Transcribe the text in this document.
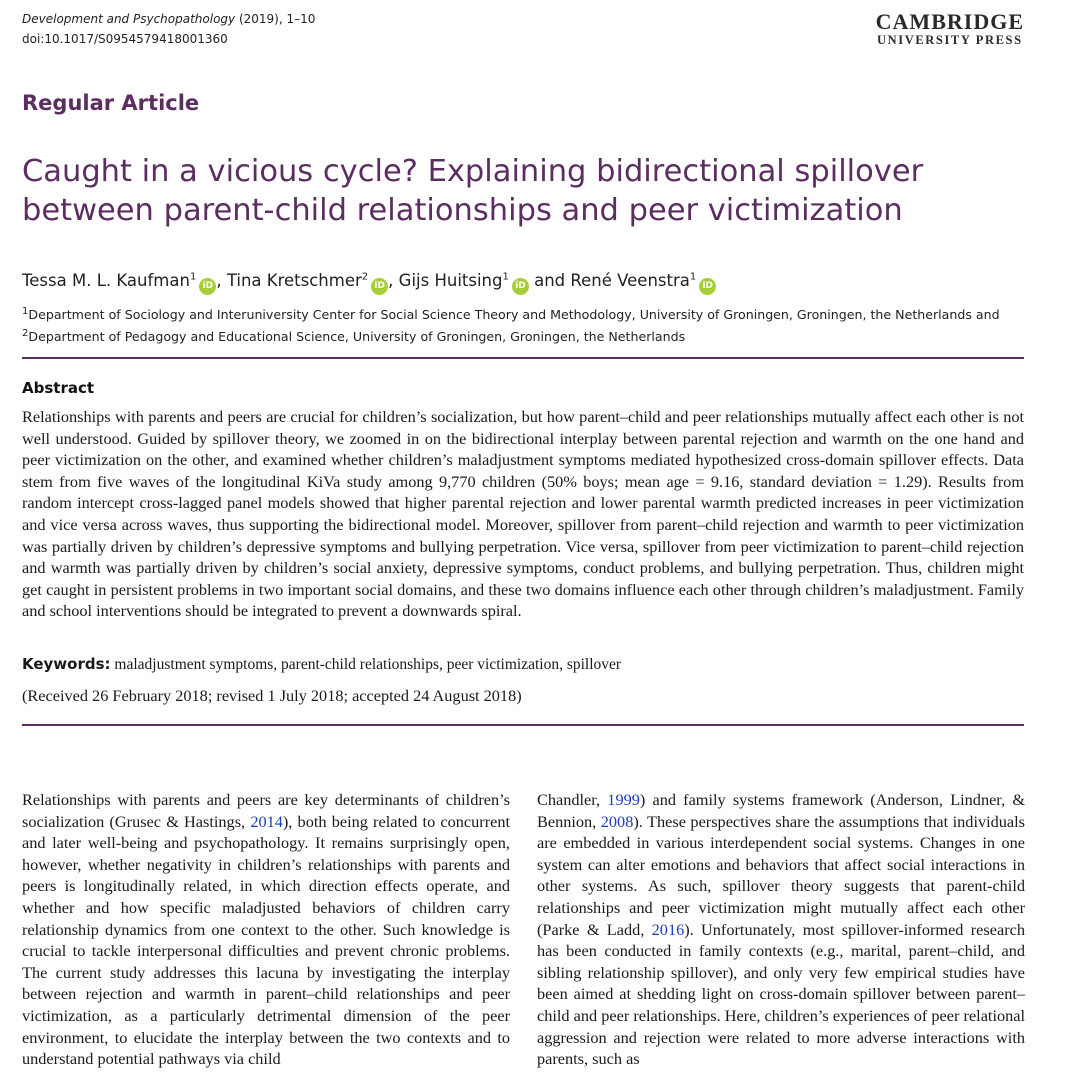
Development and Psychopathology (2019), 1–10
doi:10.1017/S0954579418001360
CAMBRIDGE
UNIVERSITY PRESS
Regular Article
Caught in a vicious cycle? Explaining bidirectional spillover between parent-child relationships and peer victimization
Tessa M. L. Kaufman$^1$iD , Tina Kretschmer$^2$iD , Gijs Huitsing$^1$iD and René Veenstra$^1$iD
$^1$Department of Sociology and Interuniversity Center for Social Science Theory and Methodology, University of Groningen, Groningen, the Netherlands and
$^2$Department of Pedagogy and Educational Science, University of Groningen, Groningen, the Netherlands
Abstract
Relationships with parents and peers are crucial for children’s socialization, but how parent–child and peer relationships mutually affect each other is not well understood. Guided by spillover theory, we zoomed in on the bidirectional interplay between parental rejection and warmth on the one hand and peer victimization on the other, and examined whether children’s maladjustment symptoms mediated hypothesized cross-domain spillover effects. Data stem from five waves of the longitudinal KiVa study among 9,770 children (50% boys; mean age = 9.16, standard deviation = 1.29). Results from random intercept cross-lagged panel models showed that higher parental rejection and lower parental warmth predicted increases in peer victimization and vice versa across waves, thus supporting the bidirectional model. Moreover, spillover from parent–child rejection and warmth to peer victimization was partially driven by children’s depressive symptoms and bullying perpetration. Vice versa, spillover from peer victimization to parent–child rejection and warmth was partially driven by children’s social anxiety, depressive symptoms, conduct problems, and bullying perpetration. Thus, children might get caught in persistent problems in two important social domains, and these two domains influence each other through children’s maladjustment. Family and school interventions should be integrated to prevent a downwards spiral.
Keywords: maladjustment symptoms, parent-child relationships, peer victimization, spillover
(Received 26 February 2018; revised 1 July 2018; accepted 24 August 2018)
Relationships with parents and peers are key determinants of children’s socialization (Grusec & Hastings, 2014), both being related to concurrent and later well-being and psychopathology. It remains surprisingly open, however, whether negativity in children’s relationships with parents and peers is longitudinally related, in which direction effects operate, and whether and how specific maladjusted behaviors of children carry relationship dynamics from one context to the other. Such knowledge is crucial to tackle interpersonal difficulties and prevent chronic problems. The current study addresses this lacuna by investigating the interplay between rejection and warmth in parent–child relationships and peer victimization, as a particularly detrimental dimension of the peer environment, to elucidate the interplay between the two contexts and to understand potential pathways via child
Chandler, 1999) and family systems framework (Anderson, Lindner, & Bennion, 2008). These perspectives share the assumptions that individuals are embedded in various interdependent social systems. Changes in one system can alter emotions and behaviors that affect social interactions in other systems. As such, spillover theory suggests that parent-child relationships and peer victimization might mutually affect each other (Parke & Ladd, 2016). Unfortunately, most spillover-informed research has been conducted in family contexts (e.g., marital, parent–child, and sibling relationship spillover), and only very few empirical studies have been aimed at shedding light on cross-domain spillover between parent–child and peer relationships. Here, children’s experiences of peer relational aggression and rejection were related to more adverse interactions with parents, such as
